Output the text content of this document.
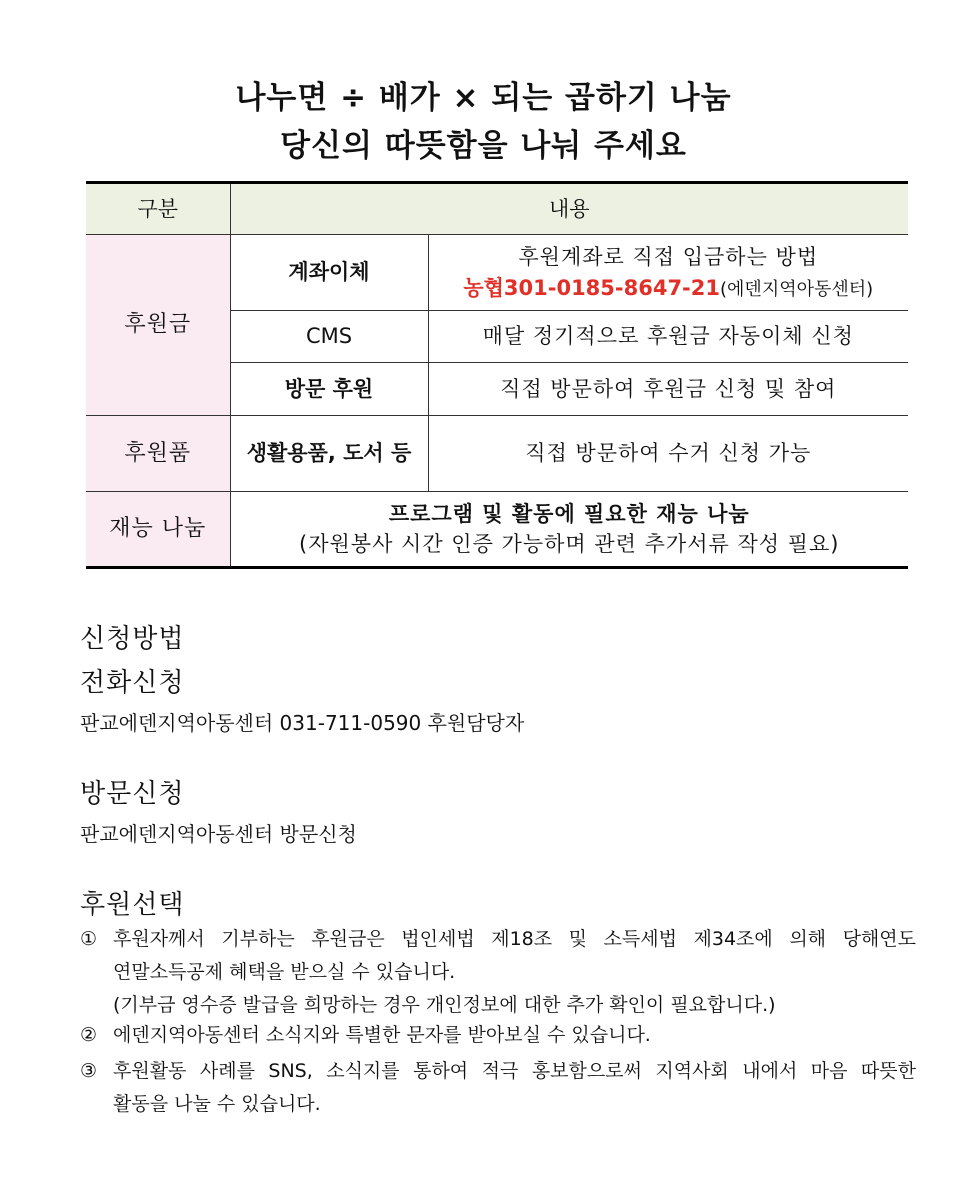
나누면 ÷ 배가 × 되는 곱하기 나눔
당신의 따뜻함을 나눠 주세요
구분	내용	
후원금	계좌이체	후원계좌로 직접 입금하는 방법
농협301-0185-8647-21(에덴지역아동센터)

	CMS	매달 정기적으로 후원금 자동이체 신청
	방문 후원	직접 방문하여 후원금 신청 및 참여
후원품	생활용품, 도서 등	직접 방문하여 수거 신청 가능
재능 나눔	프로그램 및 활동에 필요한 재능 나눔
(자원봉사 시간 인증 가능하며 관련 추가서류 작성 필요)	
신청방법
전화신청
판교에덴지역아동센터 031-711-0590 후원담당자
방문신청
판교에덴지역아동센터 방문신청
후원선택
① 후원자께서 기부하는 후원금은 법인세법 제18조 및 소득세법 제34조에 의해 당해연도
연말소득공제 혜택을 받으실 수 있습니다.
(기부금 영수증 발급을 희망하는 경우 개인정보에 대한 추가 확인이 필요합니다.)
② 에덴지역아동센터 소식지와 특별한 문자를 받아보실 수 있습니다.
③ 후원활동 사례를 SNS, 소식지를 통하여 적극 홍보함으로써 지역사회 내에서 마음 따뜻한
활동을 나눌 수 있습니다.
